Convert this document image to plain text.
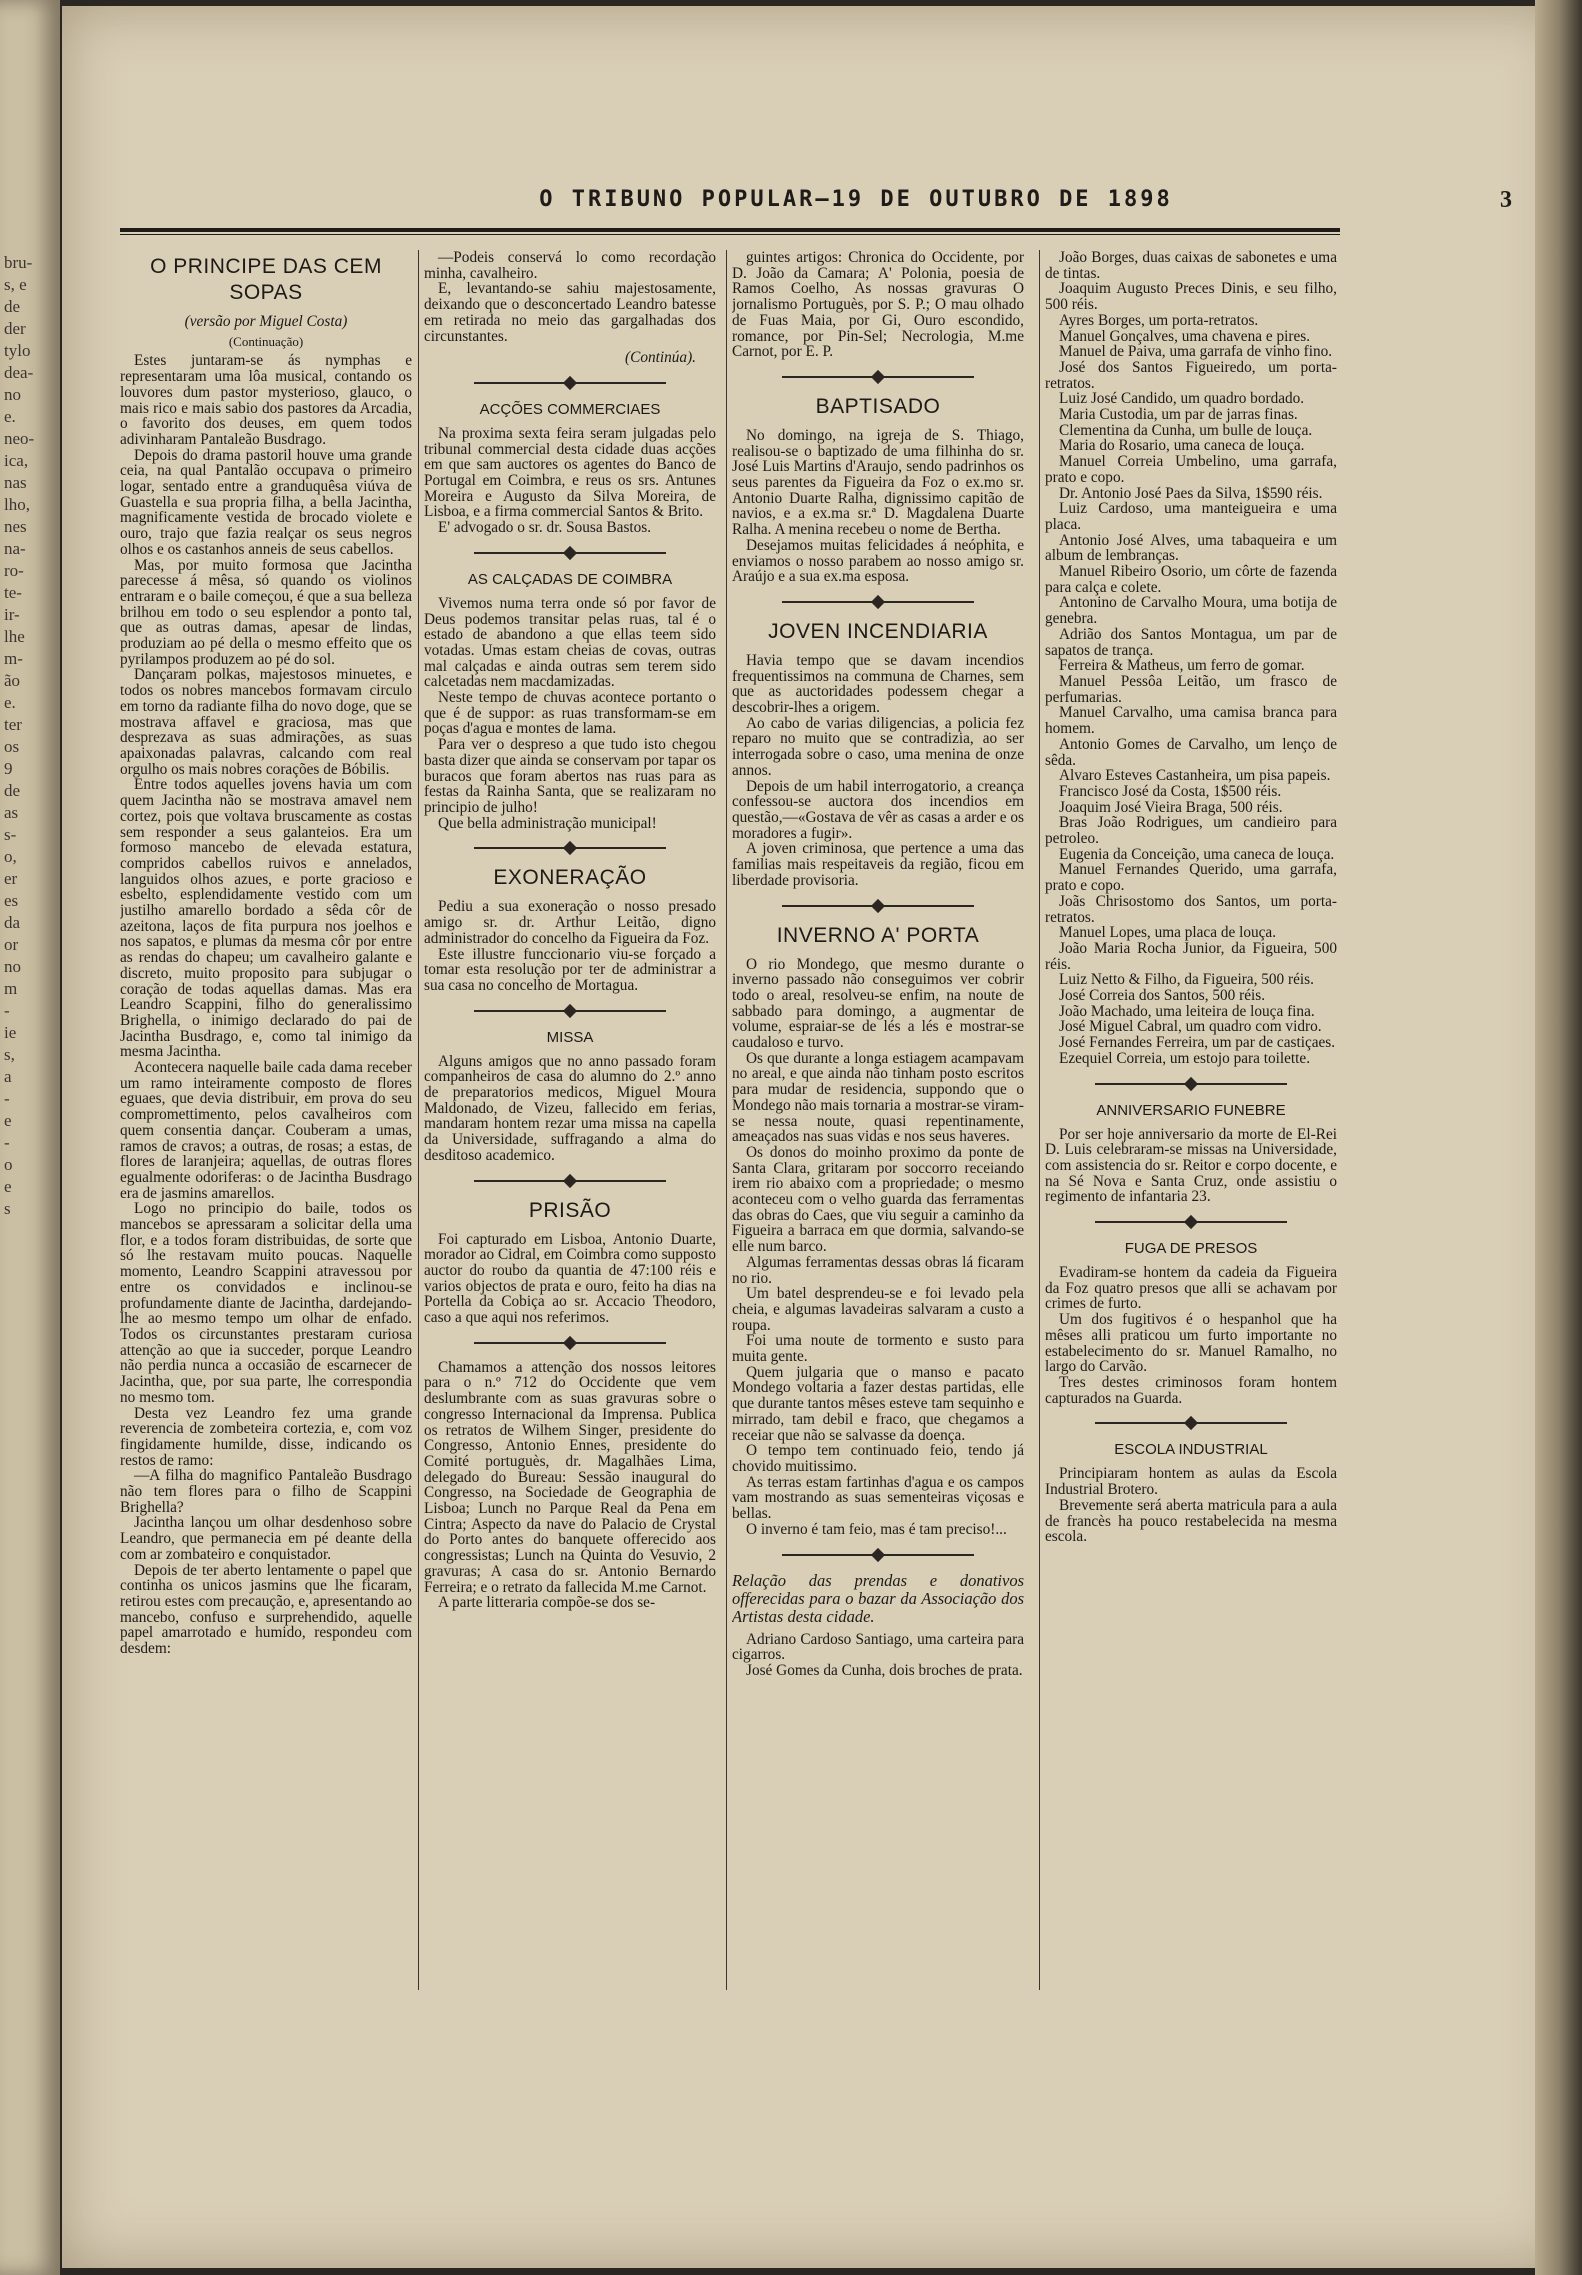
bru-
s, e
de
der
tylo
dea-
no
e.
neo-
ica,
nas
lho,
nes
na-
ro-
te-
ir-
lhe
m-
ão
e.
ter
os
9
de
as
s-
o,
er
es
da
or
no
m
-
ie
s,
a
-
e
-
o
e
s
O TRIBUNO POPULAR—19 DE OUTUBRO DE 1898	3
O PRINCIPE DAS CEM SOPAS

(versão por Miguel Costa)

(Continuação)

Estes juntaram-se ás nymphas e representaram uma lôa musical, contando os louvores dum pastor mysterioso, glauco, o mais rico e mais sabio dos pastores da Arcadia, o favorito dos deuses, em quem todos adivinharam Pantaleão Busdrago.

Depois do drama pastoril houve uma grande ceia, na qual Pantalão occupava o primeiro logar, sentado entre a granduquêsa viúva de Guastella e sua propria filha, a bella Jacintha, magnificamente vestida de brocado violete e ouro, trajo que fazia realçar os seus negros olhos e os castanhos anneis de seus cabellos.

Mas, por muito formosa que Jacintha parecesse á mêsa, só quando os violinos entraram e o baile começou, é que a sua belleza brilhou em todo o seu esplendor a ponto tal, que as outras damas, apesar de lindas, produziam ao pé della o mesmo effeito que os pyrilampos produzem ao pé do sol.

Dançaram polkas, majestosos minuetes, e todos os nobres mancebos formavam circulo em torno da radiante filha do novo doge, que se mostrava affavel e graciosa, mas que desprezava as suas admirações, as suas apaixonadas palavras, calcando com real orgulho os mais nobres corações de Bóbilis.

Entre todos aquelles jovens havia um com quem Jacintha não se mostrava amavel nem cortez, pois que voltava bruscamente as costas sem responder a seus galanteios. Era um formoso mancebo de elevada estatura, compridos cabellos ruivos e annelados, languidos olhos azues, e porte gracioso e esbelto, esplendidamente vestido com um justilho amarello bordado a sêda côr de azeitona, laços de fita purpura nos joelhos e nos sapatos, e plumas da mesma côr por entre as rendas do chapeu; um cavalheiro galante e discreto, muito proposito para subjugar o coração de todas aquellas damas. Mas era Leandro Scappini, filho do generalissimo Brighella, o inimigo declarado do pai de Jacintha Busdrago, e, como tal inimigo da mesma Jacintha.

Acontecera naquelle baile cada dama receber um ramo inteiramente composto de flores eguaes, que devia distribuir, em prova do seu compromettimento, pelos cavalheiros com quem consentia dançar. Couberam a umas, ramos de cravos; a outras, de rosas; a estas, de flores de laranjeira; aquellas, de outras flores egualmente odoriferas: o de Jacintha Busdrago era de jasmins amarellos.

Logo no principio do baile, todos os mancebos se apressaram a solicitar della uma flor, e a todos foram distribuidas, de sorte que só lhe restavam muito poucas. Naquelle momento, Leandro Scappini atravessou por entre os convidados e inclinou-se profundamente diante de Jacintha, dardejando-lhe ao mesmo tempo um olhar de enfado. Todos os circunstantes prestaram curiosa attenção ao que ia succeder, porque Leandro não perdia nunca a occasião de escarnecer de Jacintha, que, por sua parte, lhe correspondia no mesmo tom.

Desta vez Leandro fez uma grande reverencia de zombeteira cortezia, e, com voz fingidamente humilde, disse, indicando os restos de ramo:

—A filha do magnifico Pantaleão Busdrago não tem flores para o filho de Scappini Brighella?

Jacintha lançou um olhar desdenhoso sobre Leandro, que permanecia em pé deante della com ar zombateiro e conquistador.

Depois de ter aberto lentamente o papel que continha os unicos jasmins que lhe ficaram, retirou estes com precaução, e, apresentando ao mancebo, confuso e surprehendido, aquelle papel amarrotado e humido, respondeu com desdem:

—Podeis conservá lo como recordação minha, cavalheiro.

E, levantando-se sahiu majestosamente, deixando que o desconcertado Leandro batesse em retirada no meio das gargalhadas dos circunstantes.

(Continúa).

ACÇÕES COMMERCIAES

Na proxima sexta feira seram julgadas pelo tribunal commercial desta cidade duas acções em que sam auctores os agentes do Banco de Portugal em Coimbra, e reus os srs. Antunes Moreira e Augusto da Silva Moreira, de Lisboa, e a firma commercial Santos & Brito.

E' advogado o sr. dr. Sousa Bastos.

AS CALÇADAS DE COIMBRA

Vivemos numa terra onde só por favor de Deus podemos transitar pelas ruas, tal é o estado de abandono a que ellas teem sido votadas. Umas estam cheias de covas, outras mal calçadas e ainda outras sem terem sido calcetadas nem macdamizadas.

Neste tempo de chuvas acontece portanto o que é de suppor: as ruas transformam-se em poças d'agua e montes de lama.

Para ver o despreso a que tudo isto chegou basta dizer que ainda se conservam por tapar os buracos que foram abertos nas ruas para as festas da Rainha Santa, que se realizaram no principio de julho!

Que bella administração municipal!

EXONERAÇÃO

Pediu a sua exoneração o nosso presado amigo sr. dr. Arthur Leitão, digno administrador do concelho da Figueira da Foz.

Este illustre funccionario viu-se forçado a tomar esta resolução por ter de administrar a sua casa no concelho de Mortagua.

MISSA

Alguns amigos que no anno passado foram companheiros de casa do alumno do 2.º anno de preparatorios medicos, Miguel Moura Maldonado, de Vizeu, fallecido em ferias, mandaram hontem rezar uma missa na capella da Universidade, suffragando a alma do desditoso academico.

PRISÃO

Foi capturado em Lisboa, Antonio Duarte, morador ao Cidral, em Coimbra como supposto auctor do roubo da quantia de 47:100 réis e varios objectos de prata e ouro, feito ha dias na Portella da Cobiça ao sr. Accacio Theodoro, caso a que aqui nos referimos.

Chamamos a attenção dos nossos leitores para o n.º 712 do Occidente que vem deslumbrante com as suas gravuras sobre o congresso Internacional da Imprensa. Publica os retratos de Wilhem Singer, presidente do Congresso, Antonio Ennes, presidente do Comité portuguès, dr. Magalhães Lima, delegado do Bureau: Sessão inaugural do Congresso, na Sociedade de Geographia de Lisboa; Lunch no Parque Real da Pena em Cintra; Aspecto da nave do Palacio de Crystal do Porto antes do banquete offerecido aos congressistas; Lunch na Quinta do Vesuvio, 2 gravuras; A casa do sr. Antonio Bernardo Ferreira; e o retrato da fallecida M.me Carnot.

A parte litteraria compõe-se dos se-

guintes artigos: Chronica do Occidente, por D. João da Camara; A' Polonia, poesia de Ramos Coelho, As nossas gravuras O jornalismo Portuguès, por S. P.; O mau olhado de Fuas Maia, por Gi, Ouro escondido, romance, por Pin-Sel; Necrologia, M.me Carnot, por E. P.

BAPTISADO

No domingo, na igreja de S. Thiago, realisou-se o baptizado de uma filhinha do sr. José Luis Martins d'Araujo, sendo padrinhos os seus parentes da Figueira da Foz o ex.mo sr. Antonio Duarte Ralha, dignissimo capitão de navios, e a ex.ma sr.ª D. Magdalena Duarte Ralha. A menina recebeu o nome de Bertha.

Desejamos muitas felicidades á neóphita, e enviamos o nosso parabem ao nosso amigo sr. Araújo e a sua ex.ma esposa.

JOVEN INCENDIARIA

Havia tempo que se davam incendios frequentissimos na communa de Charnes, sem que as auctoridades podessem chegar a descobrir-lhes a origem.

Ao cabo de varias diligencias, a policia fez reparo no muito que se contradizia, ao ser interrogada sobre o caso, uma menina de onze annos.

Depois de um habil interrogatorio, a creança confessou-se auctora dos incendios em questão,—«Gostava de vêr as casas a arder e os moradores a fugir».

A joven criminosa, que pertence a uma das familias mais respeitaveis da região, ficou em liberdade provisoria.

INVERNO A' PORTA

O rio Mondego, que mesmo durante o inverno passado não conseguimos ver cobrir todo o areal, resolveu-se enfim, na noute de sabbado para domingo, a augmentar de volume, espraiar-se de lés a lés e mostrar-se caudaloso e turvo.

Os que durante a longa estiagem acampavam no areal, e que ainda não tinham posto escritos para mudar de residencia, suppondo que o Mondego não mais tornaria a mostrar-se viram-se nessa noute, quasi repentinamente, ameaçados nas suas vidas e nos seus haveres.

Os donos do moinho proximo da ponte de Santa Clara, gritaram por soccorro receiando irem rio abaixo com a propriedade; o mesmo aconteceu com o velho guarda das ferramentas das obras do Caes, que viu seguir a caminho da Figueira a barraca em que dormia, salvando-se elle num barco.

Algumas ferramentas dessas obras lá ficaram no rio.

Um batel desprendeu-se e foi levado pela cheia, e algumas lavadeiras salvaram a custo a roupa.

Foi uma noute de tormento e susto para muita gente.

Quem julgaria que o manso e pacato Mondego voltaria a fazer destas partidas, elle que durante tantos mêses esteve tam sequinho e mirrado, tam debil e fraco, que chegamos a receiar que não se salvasse da doença.

O tempo tem continuado feio, tendo já chovido muitissimo.

As terras estam fartinhas d'agua e os campos vam mostrando as suas sementeiras viçosas e bellas.

O inverno é tam feio, mas é tam preciso!...

Relação das prendas e donativos offerecidas para o bazar da Associação dos Artistas desta cidade.

Adriano Cardoso Santiago, uma carteira para cigarros.

José Gomes da Cunha, dois broches de prata.

João Borges, duas caixas de sabonetes e uma de tintas.

Joaquim Augusto Preces Dinis, e seu filho, 500 réis.

Ayres Borges, um porta-retratos.

Manuel Gonçalves, uma chavena e pires.

Manuel de Paiva, uma garrafa de vinho fino.

José dos Santos Figueiredo, um porta-retratos.

Luiz José Candido, um quadro bordado.

Maria Custodia, um par de jarras finas.

Clementina da Cunha, um bulle de louça.

Maria do Rosario, uma caneca de louça.

Manuel Correia Umbelino, uma garrafa, prato e copo.

Dr. Antonio José Paes da Silva, 1$590 réis.

Luiz Cardoso, uma manteigueira e uma placa.

Antonio José Alves, uma tabaqueira e um album de lembranças.

Manuel Ribeiro Osorio, um côrte de fazenda para calça e colete.

Antonino de Carvalho Moura, uma botija de genebra.

Adrião dos Santos Montagua, um par de sapatos de trança.

Ferreira & Matheus, um ferro de gomar.

Manuel Pessôa Leitão, um frasco de perfumarias.

Manuel Carvalho, uma camisa branca para homem.

Antonio Gomes de Carvalho, um lenço de sêda.

Alvaro Esteves Castanheira, um pisa papeis.

Francisco José da Costa, 1$500 réis.

Joaquim José Vieira Braga, 500 réis.

Bras João Rodrigues, um candieiro para petroleo.

Eugenia da Conceição, uma caneca de louça.

Manuel Fernandes Querido, uma garrafa, prato e copo.

Joãs Chrisostomo dos Santos, um porta-retratos.

Manuel Lopes, uma placa de louça.

João Maria Rocha Junior, da Figueira, 500 réis.

Luiz Netto & Filho, da Figueira, 500 réis.

José Correia dos Santos, 500 réis.

João Machado, uma leiteira de louça fina.

José Miguel Cabral, um quadro com vidro.

José Fernandes Ferreira, um par de castiçaes.

Ezequiel Correia, um estojo para toilette.

ANNIVERSARIO FUNEBRE

Por ser hoje anniversario da morte de El-Rei D. Luis celebraram-se missas na Universidade, com assistencia do sr. Reitor e corpo docente, e na Sé Nova e Santa Cruz, onde assistiu o regimento de infantaria 23.

FUGA DE PRESOS

Evadiram-se hontem da cadeia da Figueira da Foz quatro presos que alli se achavam por crimes de furto.

Um dos fugitivos é o hespanhol que ha mêses alli praticou um furto importante no estabelecimento do sr. Manuel Ramalho, no largo do Carvão.

Tres destes criminosos foram hontem capturados na Guarda.

ESCOLA INDUSTRIAL

Principiaram hontem as aulas da Escola Industrial Brotero.

Brevemente será aberta matricula para a aula de francès ha pouco restabelecida na mesma escola.
